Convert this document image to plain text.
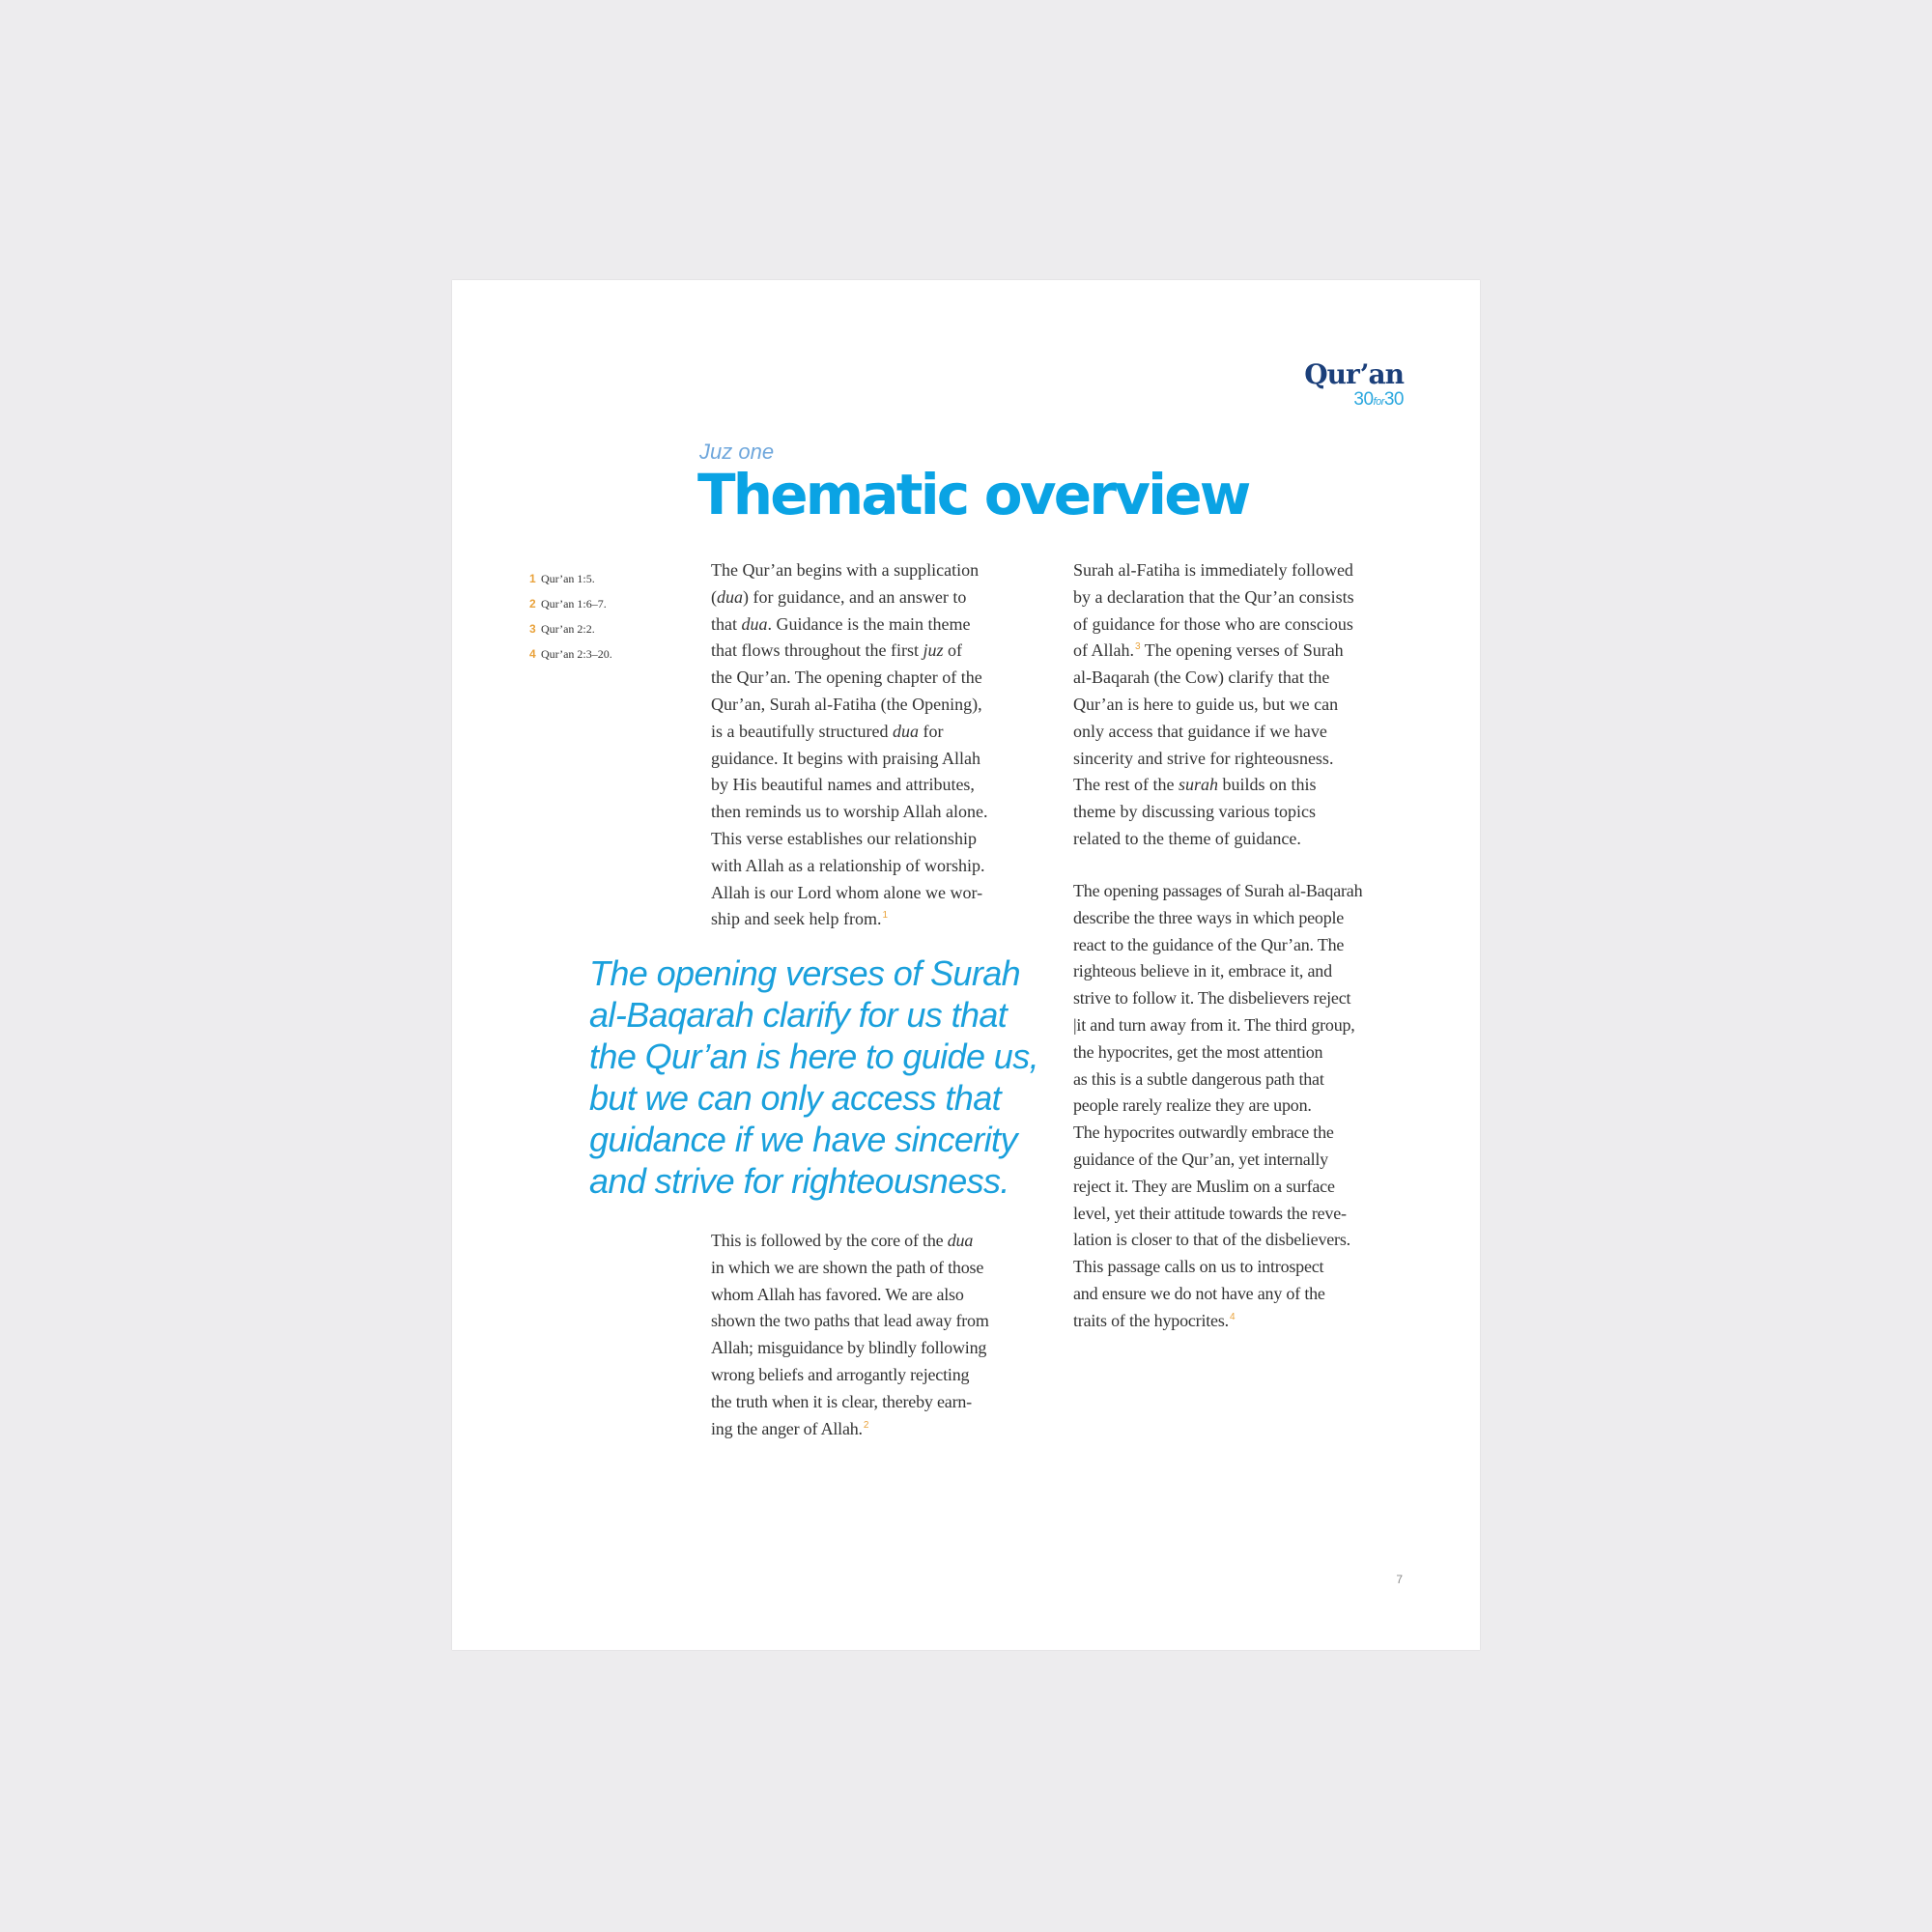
Qur’an
30for30
Juz one
Thematic overview
1 Qur’an 1:5.
2 Qur’an 1:6–7.
3 Qur’an 2:2.
4 Qur’an 2:3–20.

The Qur’an begins with a supplication
(dua) for guidance, and an answer to
that dua. Guidance is the main theme
that flows throughout the first juz of
the Qur’an. The opening chapter of the
Qur’an, Surah al-Fatiha (the Opening),
is a beautifully structured dua for
guidance. It begins with praising Allah
by His beautiful names and attributes,
then reminds us to worship Allah alone.
This verse establishes our relationship
with Allah as a relationship of worship.
Allah is our Lord whom alone we wor-
ship and seek help from.$^1$

The opening verses of Surah
al-Baqarah clarify for us that
the Qur’an is here to guide us,
but we can only access that
guidance if we have sincerity
and strive for righteousness.

This is followed by the core of the dua
in which we are shown the path of those
whom Allah has favored. We are also
shown the two paths that lead away from
Allah; misguidance by blindly following
wrong beliefs and arrogantly rejecting
the truth when it is clear, thereby earn-
ing the anger of Allah.$^2$

Surah al-Fatiha is immediately followed
by a declaration that the Qur’an consists
of guidance for those who are conscious
of Allah.$^3$ The opening verses of Surah
al-Baqarah (the Cow) clarify that the
Qur’an is here to guide us, but we can
only access that guidance if we have
sincerity and strive for righteousness.
The rest of the surah builds on this
theme by discussing various topics
related to the theme of guidance.

The opening passages of Surah al-Baqarah
describe the three ways in which people
react to the guidance of the Qur’an. The
righteous believe in it, embrace it, and
strive to follow it. The disbelievers reject
|it and turn away from it. The third group,
the hypocrites, get the most attention
as this is a subtle dangerous path that
people rarely realize they are upon.
The hypocrites outwardly embrace the
guidance of the Qur’an, yet internally
reject it. They are Muslim on a surface
level, yet their attitude towards the reve-
lation is closer to that of the disbelievers.
This passage calls on us to introspect
and ensure we do not have any of the
traits of the hypocrites.$^4$

7
